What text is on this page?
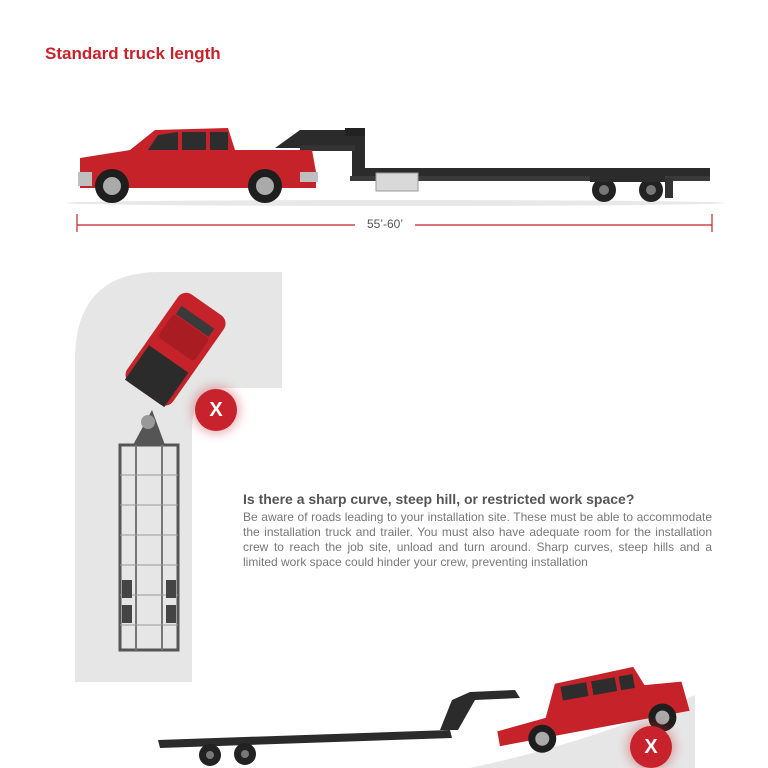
Standard truck length
55’-60’
X
Is there a sharp curve, steep hill, or restricted work space?

Be aware of roads leading to your installation site. These must be able to accommodate the installation truck and trailer. You must also have adequate room for the installation crew to reach the job site, unload and turn around. Sharp curves, steep hills and a limited work space could hinder your crew, preventing installation

X
